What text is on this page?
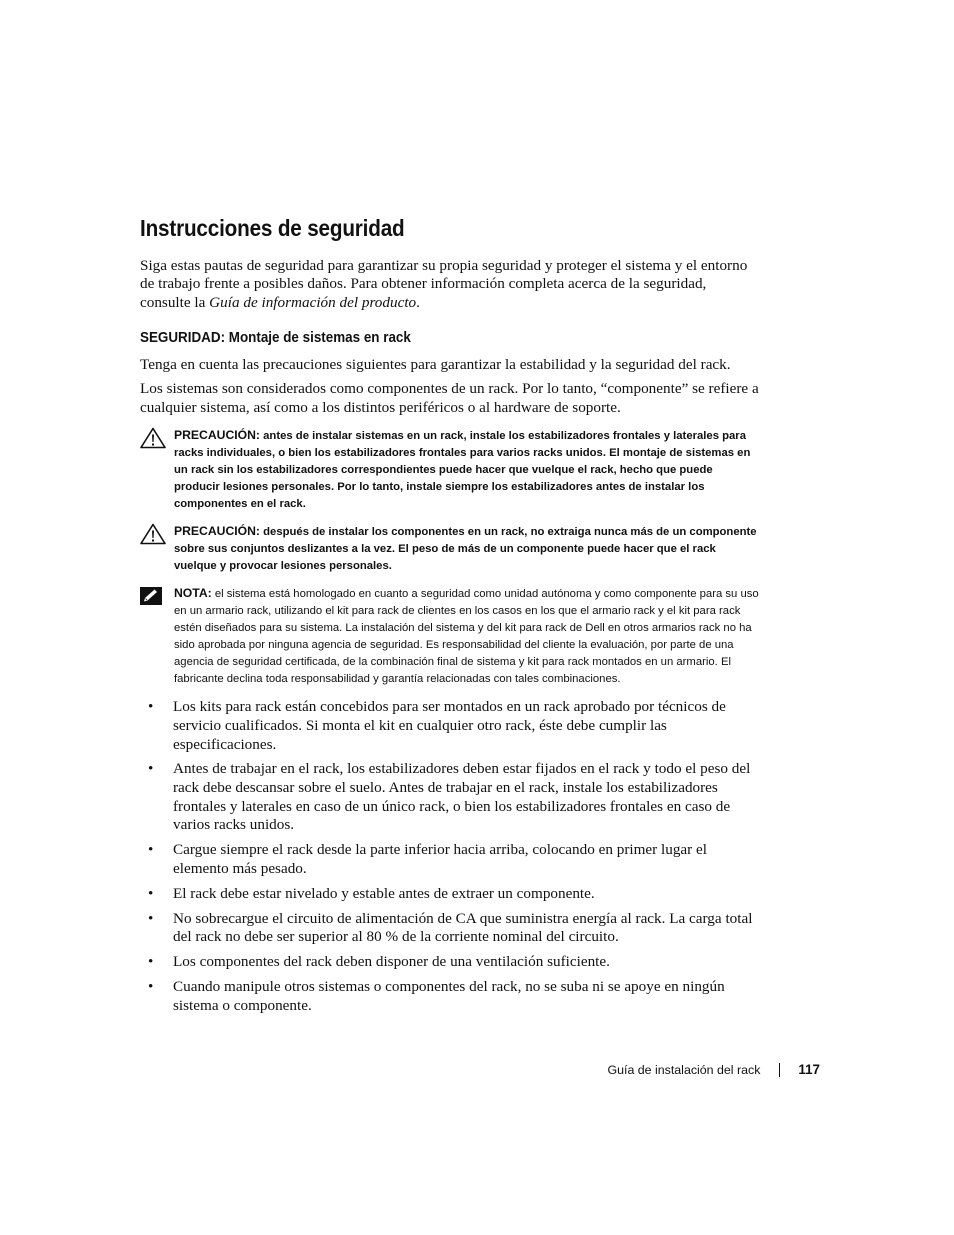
Instrucciones de seguridad

Siga estas pautas de seguridad para garantizar su propia seguridad y proteger el sistema y el entorno de trabajo frente a posibles daños. Para obtener información completa acerca de la seguridad, consulte la Guía de información del producto.

SEGURIDAD: Montaje de sistemas en rack

Tenga en cuenta las precauciones siguientes para garantizar la estabilidad y la seguridad del rack.

Los sistemas son considerados como componentes de un rack. Por lo tanto, “componente” se refiere a cualquier sistema, así como a los distintos periféricos o al hardware de soporte.

PRECAUCIÓN: antes de instalar sistemas en un rack, instale los estabilizadores frontales y laterales para racks individuales, o bien los estabilizadores frontales para varios racks unidos. El montaje de sistemas en un rack sin los estabilizadores correspondientes puede hacer que vuelque el rack, hecho que puede producir lesiones personales. Por lo tanto, instale siempre los estabilizadores antes de instalar los componentes en el rack.
PRECAUCIÓN: después de instalar los componentes en un rack, no extraiga nunca más de un componente sobre sus conjuntos deslizantes a la vez. El peso de más de un componente puede hacer que el rack vuelque y provocar lesiones personales.
NOTA: el sistema está homologado en cuanto a seguridad como unidad autónoma y como componente para su uso en un armario rack, utilizando el kit para rack de clientes en los casos en los que el armario rack y el kit para rack estén diseñados para su sistema. La instalación del sistema y del kit para rack de Dell en otros armarios rack no ha sido aprobada por ninguna agencia de seguridad. Es responsabilidad del cliente la evaluación, por parte de una agencia de seguridad certificada, de la combinación final de sistema y kit para rack montados en un armario. El fabricante declina toda responsabilidad y garantía relacionadas con tales combinaciones.
• Los kits para rack están concebidos para ser montados en un rack aprobado por técnicos de servicio cualificados. Si monta el kit en cualquier otro rack, éste debe cumplir las especificaciones.
• Antes de trabajar en el rack, los estabilizadores deben estar fijados en el rack y todo el peso del rack debe descansar sobre el suelo. Antes de trabajar en el rack, instale los estabilizadores frontales y laterales en caso de un único rack, o bien los estabilizadores frontales en caso de varios racks unidos.
• Cargue siempre el rack desde la parte inferior hacia arriba, colocando en primer lugar el elemento más pesado.
• El rack debe estar nivelado y estable antes de extraer un componente.
• No sobrecargue el circuito de alimentación de CA que suministra energía al rack. La carga total del rack no debe ser superior al 80 % de la corriente nominal del circuito.
• Los componentes del rack deben disponer de una ventilación suficiente.
• Cuando manipule otros sistemas o componentes del rack, no se suba ni se apoye en ningún sistema o componente.
Guía de instalación del rack	117
